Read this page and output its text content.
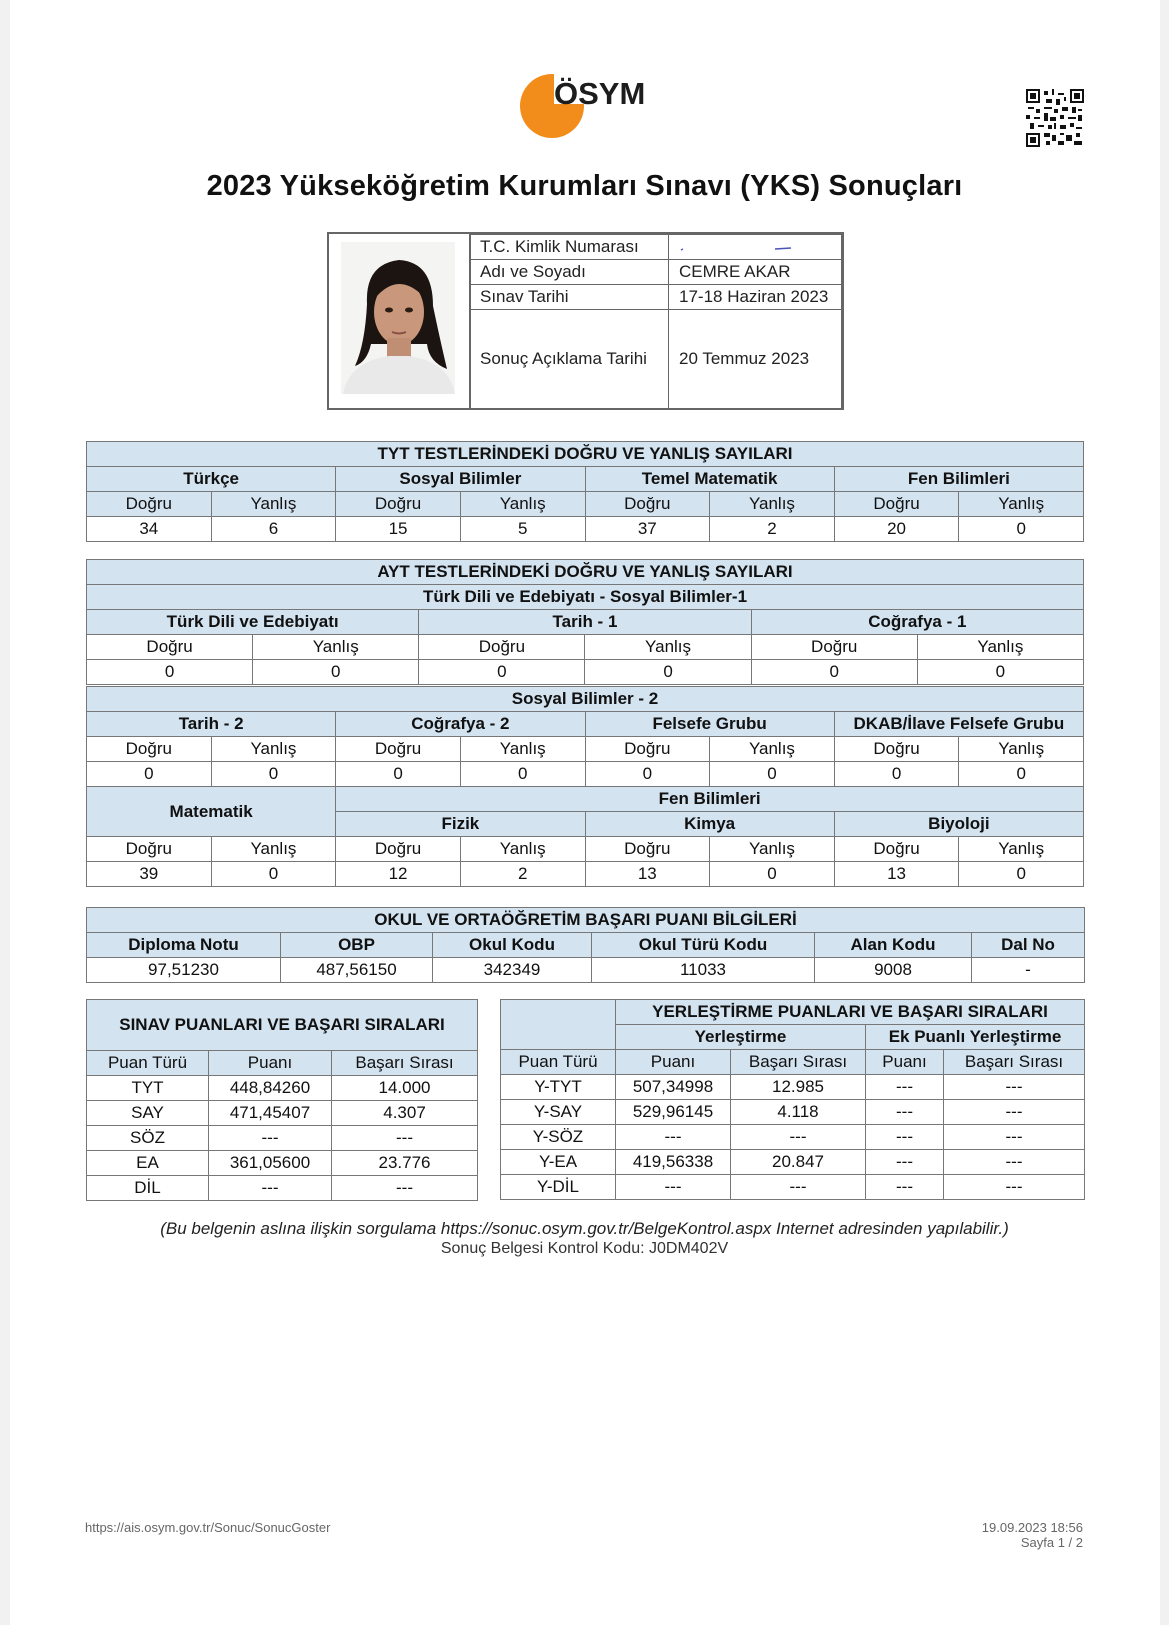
ÖSYM
2023 Yükseköğretim Kurumları Sınavı (YKS) Sonuçları
T.C. Kimlik Numarası	
Adı ve Soyadı	CEMRE AKAR
Sınav Tarihi	17-18 Haziran 2023
Sonuç Açıklama Tarihi	20 Temmuz 2023
TYT TESTLERİNDEKİ DOĞRU VE YANLIŞ SAYILARI							
Türkçe		Sosyal Bilimler		Temel Matematik		Fen Bilimleri	
Doğru	Yanlış	Doğru	Yanlış	Doğru	Yanlış	Doğru	Yanlış
34	6	15	5	37	2	20	0
AYT TESTLERİNDEKİ DOĞRU VE YANLIŞ SAYILARI					
Türk Dili ve Edebiyatı - Sosyal Bilimler-1					
Türk Dili ve Edebiyatı		Tarih - 1		Coğrafya - 1	
Doğru	Yanlış	Doğru	Yanlış	Doğru	Yanlış
0	0	0	0	0	0
Sosyal Bilimler - 2							
Tarih - 2		Coğrafya - 2		Felsefe Grubu		DKAB/İlave Felsefe Grubu	
Doğru	Yanlış	Doğru	Yanlış	Doğru	Yanlış	Doğru	Yanlış
0	0	0	0	0	0	0	0
Matematik		Fen Bilimleri					
		Fizik		Kimya		Biyoloji	
Doğru	Yanlış	Doğru	Yanlış	Doğru	Yanlış	Doğru	Yanlış
39	0	12	2	13	0	13	0
OKUL VE ORTAÖĞRETİM BAŞARI PUANI BİLGİLERİ					
Diploma Notu	OBP	Okul Kodu	Okul Türü Kodu	Alan Kodu	Dal No
97,51230	487,56150	342349	11033	9008	-
SINAV PUANLARI VE BAŞARI SIRALARI		
Puan Türü	Puanı	Başarı Sırası
TYT	448,84260	14.000
SAY	471,45407	4.307
SÖZ	---	---
EA	361,05600	23.776
DİL	---	---
	YERLEŞTİRME PUANLARI VE BAŞARI SIRALARI			
	Yerleştirme		Ek Puanlı Yerleştirme	
Puan Türü	Puanı	Başarı Sırası	Puanı	Başarı Sırası
Y-TYT	507,34998	12.985	---	---
Y-SAY	529,96145	4.118	---	---
Y-SÖZ	---	---	---	---
Y-EA	419,56338	20.847	---	---
Y-DİL	---	---	---	---
(Bu belgenin aslına ilişkin sorgulama https://sonuc.osym.gov.tr/BelgeKontrol.aspx Internet adresinden yapılabilir.)
Sonuç Belgesi Kontrol Kodu: J0DM402V
https://ais.osym.gov.tr/Sonuc/SonucGoster	19.09.2023 18:56
Sayfa 1 / 2
